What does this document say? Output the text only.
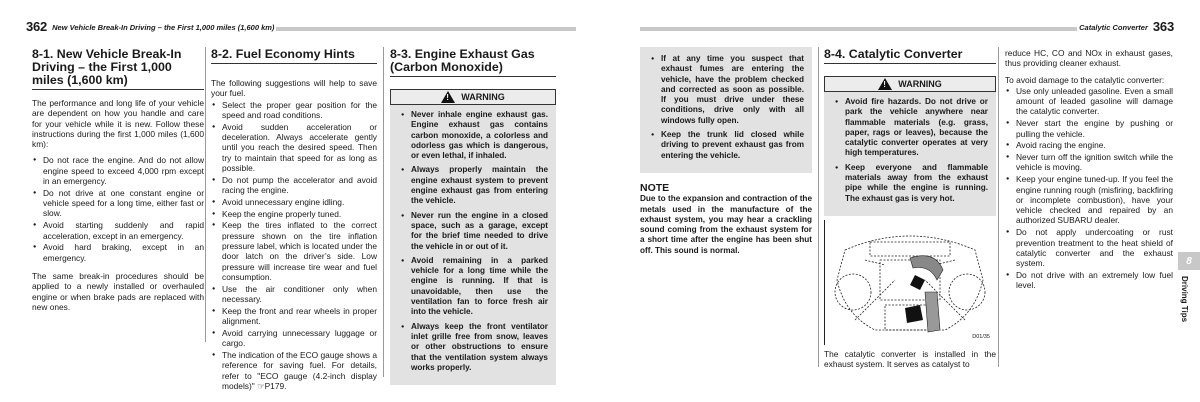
362 New Vehicle Break-In Driving – the First 1,000 miles (1,600 km)
8-1. New Vehicle Break-In Driving – the First 1,000 miles (1,600 km)

The performance and long life of your vehicle are dependent on how you handle and care for your vehicle while it is new. Follow these instructions during the first 1,000 miles (1,600 km):

● Do not race the engine. And do not allow engine speed to exceed 4,000 rpm except in an emergency.
● Do not drive at one constant engine or vehicle speed for a long time, either fast or slow.
● Avoid starting suddenly and rapid acceleration, except in an emergency.
● Avoid hard braking, except in an emergency.

The same break-in procedures should be applied to a newly installed or overhauled engine or when brake pads are replaced with new ones.

8-2. Fuel Economy Hints

The following suggestions will help to save your fuel.

● Select the proper gear position for the speed and road conditions.
● Avoid sudden acceleration or deceleration. Always accelerate gently until you reach the desired speed. Then try to maintain that speed for as long as possible.
● Do not pump the accelerator and avoid racing the engine.
● Avoid unnecessary engine idling.
● Keep the engine properly tuned.
● Keep the tires inflated to the correct pressure shown on the tire inflation pressure label, which is located under the door latch on the driver’s side. Low pressure will increase tire wear and fuel consumption.
● Use the air conditioner only when necessary.
● Keep the front and rear wheels in proper alignment.
● Avoid carrying unnecessary luggage or cargo.
● The indication of the ECO gauge shows a reference for saving fuel. For details, refer to "ECO gauge (4.2-inch display models)" ☞P179.
8-3. Engine Exhaust Gas (Carbon Monoxide)
! WARNING
● Never inhale engine exhaust gas. Engine exhaust gas contains carbon monoxide, a colorless and odorless gas which is dangerous, or even lethal, if inhaled.
● Always properly maintain the engine exhaust system to prevent engine exhaust gas from entering the vehicle.
● Never run the engine in a closed space, such as a garage, except for the brief time needed to drive the vehicle in or out of it.
● Avoid remaining in a parked vehicle for a long time while the engine is running. If that is unavoidable, then use the ventilation fan to force fresh air into the vehicle.
● Always keep the front ventilator inlet grille free from snow, leaves or other obstructions to ensure that the ventilation system always works properly.
Catalytic Converter 363
● If at any time you suspect that exhaust fumes are entering the vehicle, have the problem checked and corrected as soon as possible. If you must drive under these conditions, drive only with all windows fully open.
● Keep the trunk lid closed while driving to prevent exhaust gas from entering the vehicle.
NOTE
Due to the expansion and contraction of the metals used in the manufacture of the exhaust system, you may hear a crackling sound coming from the exhaust system for a short time after the engine has been shut off. This sound is normal.
8-4. Catalytic Converter
! WARNING
● Avoid fire hazards. Do not drive or park the vehicle anywhere near flammable materials (e.g. grass, paper, rags or leaves), because the catalytic converter operates at very high temperatures.
● Keep everyone and flammable materials away from the exhaust pipe while the engine is running. The exhaust gas is very hot.
D01/35

The catalytic converter is installed in the exhaust system. It serves as catalyst to

reduce HC, CO and NOx in exhaust gases, thus providing cleaner exhaust.

To avoid damage to the catalytic converter:

● Use only unleaded gasoline. Even a small amount of leaded gasoline will damage the catalytic converter.
● Never start the engine by pushing or pulling the vehicle.
● Avoid racing the engine.
● Never turn off the ignition switch while the vehicle is moving.
● Keep your engine tuned-up. If you feel the engine running rough (misfiring, backfiring or incomplete combustion), have your vehicle checked and repaired by an authorized SUBARU dealer.
● Do not apply undercoating or rust prevention treatment to the heat shield of catalytic converter and the exhaust system.
● Do not drive with an extremely low fuel level.
8
Driving Tips
